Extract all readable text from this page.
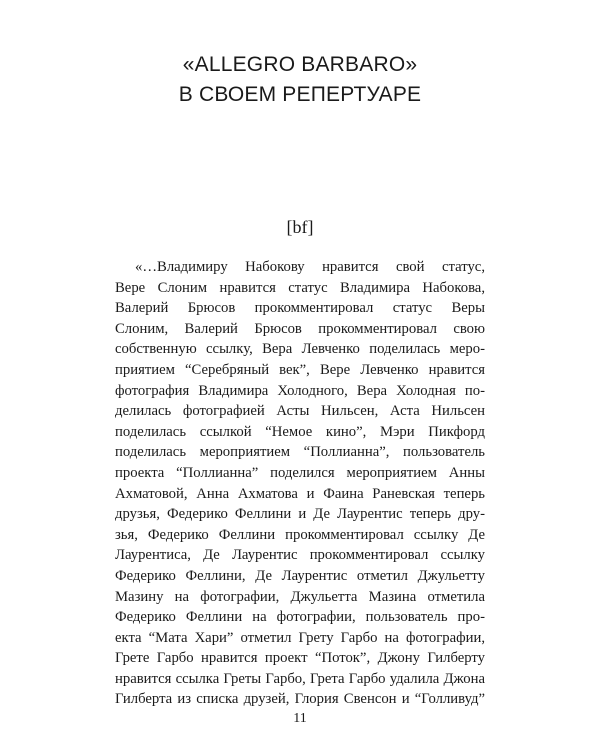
«ALLEGRO BARBARO»
В СВОЕМ РЕПЕРТУАРЕ
[bf]
«…Владимиру Набокову нравится свой статус,
Вере Слоним нравится статус Владимира Набокова,
Валерий Брюсов прокомментировал статус Веры
Слоним, Валерий Брюсов прокомментировал свою
собственную ссылку, Вера Левченко поделилась меро-
приятием “Серебряный век”, Вере Левченко нравится
фотография Владимира Холодного, Вера Холодная по-
делилась фотографией Асты Нильсен, Аста Нильсен
поделилась ссылкой “Немое кино”, Мэри Пикфорд
поделилась мероприятием “Поллианна”, пользователь
проекта “Поллианна” поделился мероприятием Анны
Ахматовой, Анна Ахматова и Фаина Раневская теперь
друзья, Федерико Феллини и Де Лаурентис теперь дру-
зья, Федерико Феллини прокомментировал ссылку Де
Лаурентиса, Де Лаурентис прокомментировал ссылку
Федерико Феллини, Де Лаурентис отметил Джульетту
Мазину на фотографии, Джульетта Мазина отметила
Федерико Феллини на фотографии, пользователь про-
екта “Мата Хари” отметил Грету Гарбо на фотографии,
Грете Гарбо нравится проект “Поток”, Джону Гилберту
нравится ссылка Греты Гарбо, Грета Гарбо удалила Джона
Гилберта из списка друзей, Глория Свенсон и “Голливуд”
11
